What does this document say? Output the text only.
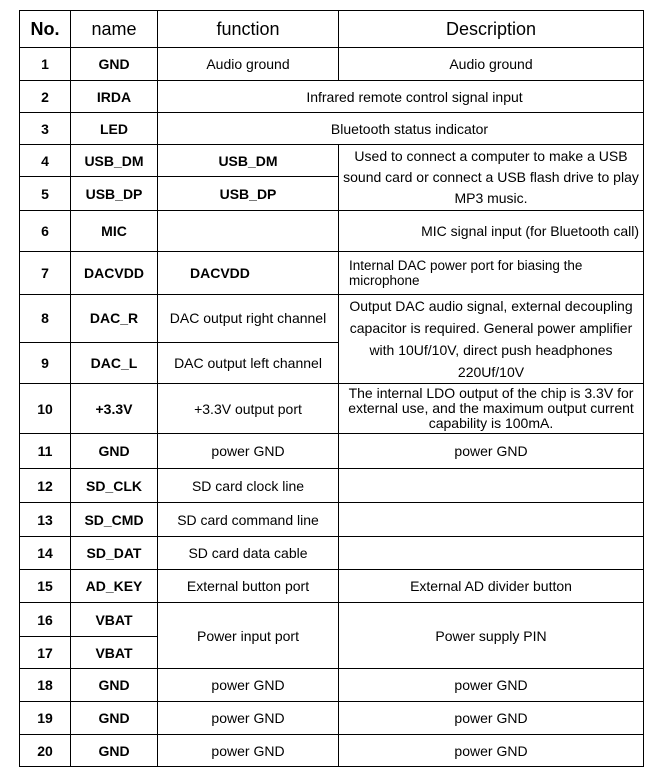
No.	name	function	Description
1	GND	Audio ground	Audio ground
2	IRDA	Infrared remote control signal input	
3	LED	Bluetooth status indicator	
4	USB_DM	USB_DM	Used to connect a computer to make a USB sound card or connect a USB flash drive to play MP3 music.
5	USB_DP	USB_DP	
6	MIC		MIC signal input (for Bluetooth call)
7	DACVDD	DACVDD	Internal DAC power port for biasing the microphone
8	DAC_R	DAC output right channel	Output DAC audio signal, external decoupling capacitor is required. General power amplifier with 10Uf/10V, direct push headphones 220Uf/10V
9	DAC_L	DAC output left channel	
10	+3.3V	+3.3V output port	The internal LDO output of the chip is 3.3V for external use, and the maximum output current capability is 100mA.
11	GND	power GND	power GND
12	SD_CLK	SD card clock line	
13	SD_CMD	SD card command line	
14	SD_DAT	SD card data cable	
15	AD_KEY	External button port	External AD divider button
16	VBAT	Power input port	Power supply PIN
17	VBAT		
18	GND	power GND	power GND
19	GND	power GND	power GND
20	GND	power GND	power GND
